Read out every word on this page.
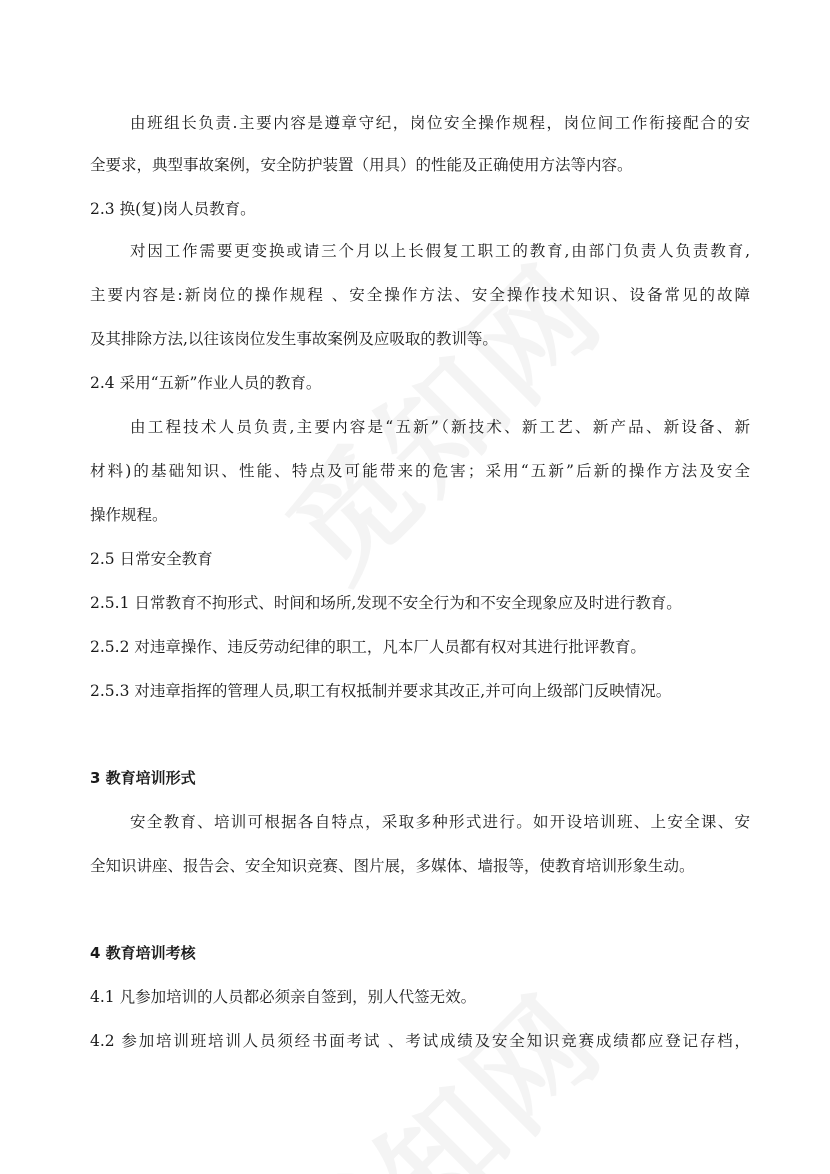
由班组长负责.主要内容是遵章守纪，岗位安全操作规程，岗位间工作衔接配合的安
全要求，典型事故案例，安全防护装置（用具）的性能及正确使用方法等内容。
2.3 换(复)岗人员教育。
对因工作需要更变换或请三个月以上长假复工职工的教育,由部门负责人负责教育,
主要内容是:新岗位的操作规程 、安全操作方法、安全操作技术知识、设备常见的故障
及其排除方法,以往该岗位发生事故案例及应吸取的教训等。
2.4 采用“五新”作业人员的教育。
由工程技术人员负责,主要内容是“五新”（新技术、新工艺、新产品、新设备、新
材料)的基础知识、性能、特点及可能带来的危害；采用“五新”后新的操作方法及安全
操作规程。
2.5 日常安全教育
2.5.1 日常教育不拘形式、时间和场所,发现不安全行为和不安全现象应及时进行教育。
2.5.2 对违章操作、违反劳动纪律的职工，凡本厂人员都有权对其进行批评教育。
2.5.3 对违章指挥的管理人员,职工有权抵制并要求其改正,并可向上级部门反映情况。
3 教育培训形式
安全教育、培训可根据各自特点，采取多种形式进行。如开设培训班、上安全课、安
全知识讲座、报告会、安全知识竞赛、图片展，多媒体、墙报等，使教育培训形象生动。
4 教育培训考核
4.1 凡参加培训的人员都必须亲自签到，别人代签无效。
4.2 参加培训班培训人员须经书面考试 、考试成绩及安全知识竞赛成绩都应登记存档，
